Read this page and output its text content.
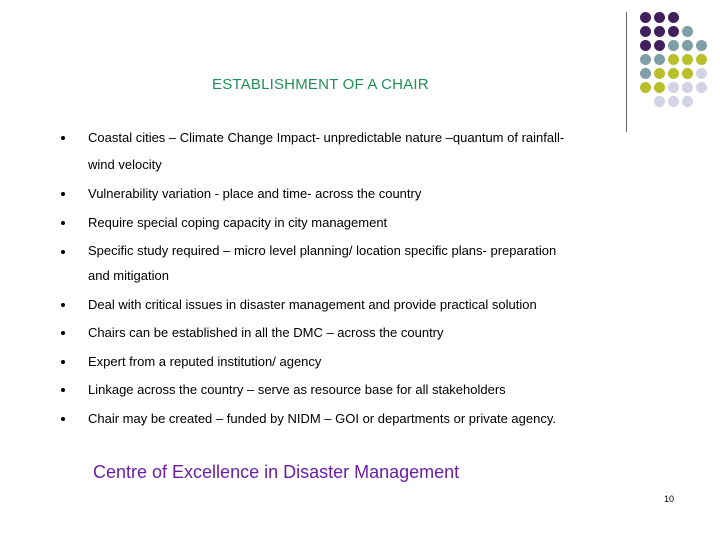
ESTABLISHMENT OF A CHAIR
Coastal cities – Climate Change Impact- unpredictable nature –quantum of rainfall-
wind velocity
Vulnerability variation - place and time- across the country
Require special coping capacity in city management
Specific study required – micro level planning/ location specific plans- preparation
and mitigation
Deal with critical issues in disaster management and provide practical solution
Chairs can be established in all the DMC – across the country
Expert from a reputed institution/ agency
Linkage across the country – serve as resource base for all stakeholders
Chair may be created – funded by NIDM – GOI or departments or private agency.
Centre of Excellence in Disaster Management
10
